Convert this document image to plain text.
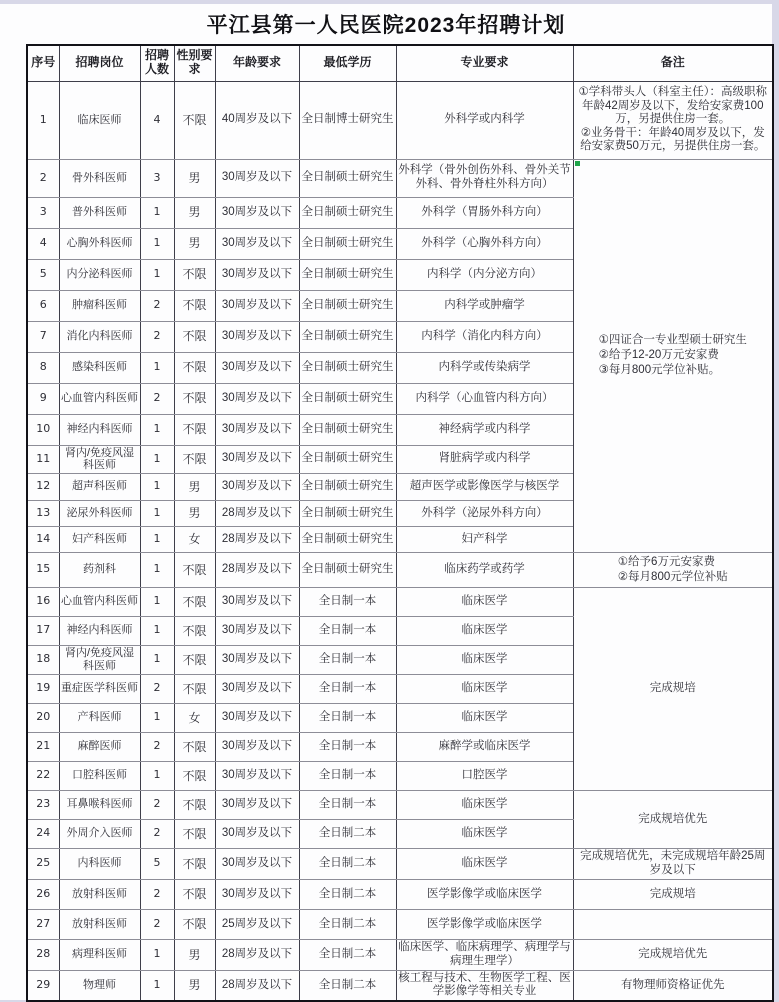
平江县第一人民医院2023年招聘计划
序号	招聘岗位	招聘人数	性别要求	年龄要求	最低学历	专业要求	备注
1	临床医师	4	不限	40周岁及以下	全日制博士研究生	外科学或内科学	①学科带头人（科室主任）：高级职称年龄42周岁及以下，发给安家费100万，另提供住房一套。
②业务骨干：年龄40周岁及以下，发给安家费50万元，另提供住房一套。

2	骨外科医师	3	男	30周岁及以下	全日制硕士研究生	外科学（骨外创伤外科、骨外关节外科、骨外脊柱外科方向）	①四证合一专业型硕士研究生
②给予12-20万元安家费
③每月800元学位补贴。

3	普外科医师	1	男	30周岁及以下	全日制硕士研究生	外科学（胃肠外科方向）	
4	心胸外科医师	1	男	30周岁及以下	全日制硕士研究生	外科学（心胸外科方向）	
5	内分泌科医师	1	不限	30周岁及以下	全日制硕士研究生	内科学（内分泌方向）	
6	肿瘤科医师	2	不限	30周岁及以下	全日制硕士研究生	内科学或肿瘤学	
7	消化内科医师	2	不限	30周岁及以下	全日制硕士研究生	内科学（消化内科方向）	
8	感染科医师	1	不限	30周岁及以下	全日制硕士研究生	内科学或传染病学	
9	心血管内科医师	2	不限	30周岁及以下	全日制硕士研究生	内科学（心血管内科方向）	
10	神经内科医师	1	不限	30周岁及以下	全日制硕士研究生	神经病学或内科学	
11	肾内/免疫风湿科医师	1	不限	30周岁及以下	全日制硕士研究生	肾脏病学或内科学	
12	超声科医师	1	男	30周岁及以下	全日制硕士研究生	超声医学或影像医学与核医学	
13	泌尿外科医师	1	男	28周岁及以下	全日制硕士研究生	外科学（泌尿外科方向）	
14	妇产科医师	1	女	28周岁及以下	全日制硕士研究生	妇产科学	
15	药剂科	1	不限	28周岁及以下	全日制硕士研究生	临床药学或药学	①给予6万元安家费
②每月800元学位补贴

16	心血管内科医师	1	不限	30周岁及以下	全日制一本	临床医学	完成规培

17	神经内科医师	1	不限	30周岁及以下	全日制一本	临床医学	
18	肾内/免疫风湿科医师	1	不限	30周岁及以下	全日制一本	临床医学	
19	重症医学科医师	2	不限	30周岁及以下	全日制一本	临床医学	
20	产科医师	1	女	30周岁及以下	全日制一本	临床医学	
21	麻醉医师	2	不限	30周岁及以下	全日制一本	麻醉学或临床医学	
22	口腔科医师	1	不限	30周岁及以下	全日制一本	口腔医学	
23	耳鼻喉科医师	2	不限	30周岁及以下	全日制一本	临床医学	完成规培优先

24	外周介入医师	2	不限	30周岁及以下	全日制二本	临床医学	
25	内科医师	5	不限	30周岁及以下	全日制二本	临床医学	完成规培优先，未完成规培年龄25周岁及以下

26	放射科医师	2	不限	30周岁及以下	全日制二本	医学影像学或临床医学	完成规培

27	放射科医师	2	不限	25周岁及以下	全日制二本	医学影像学或临床医学	

28	病理科医师	1	男	28周岁及以下	全日制二本	临床医学、临床病理学、病理学与病理生理学）	完成规培优先

29	物理师	1	男	28周岁及以下	全日制二本	核工程与技术、生物医学工程、医学影像学等相关专业	有物理师资格证优先
